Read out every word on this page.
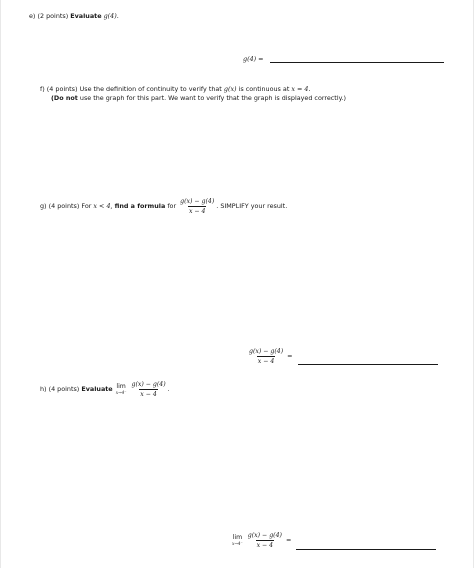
e) (2 points) Evaluate g(4).
g(4) =
f) (4 points) Use the definition of continuity to verify that g(x) is continuous at x = 4.
(Do not use the graph for this part. We want to verify that the graph is displayed correctly.)
g) (4 points) For x < 4, find a formula for $\frac{g(x) - g(4)}{x - 4}$ . SIMPLIFY your result.
$\frac{g(x) - g(4)}{x - 4}$ =
h) (4 points) Evaluate lim
x→4⁻
$\frac{g(x) - g(4)}{x - 4}$ .
lim
x→4⁻
$\frac{g(x) - g(4)}{x - 4}$ =
